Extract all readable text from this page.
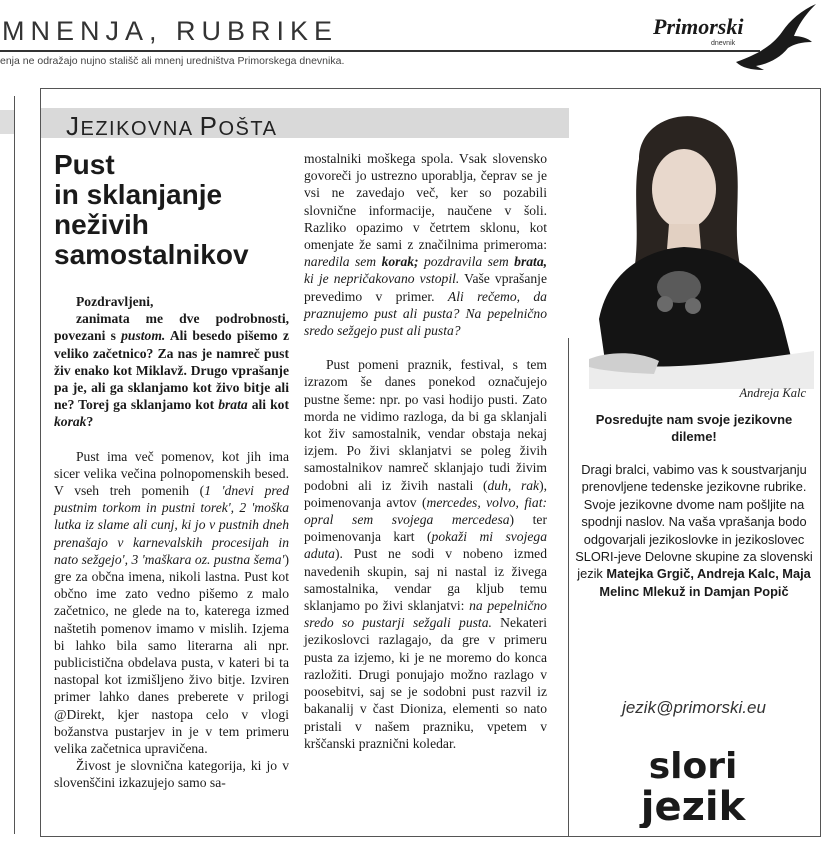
MNENJA, RUBRIKE
enja ne odražajo nujno stališč ali mnenj uredništva Primorskega dnevnika.
Primorski
dnevnik
JEZIKOVNA POŠTA
Pust
in sklanjanje
neživih
samostalnikov

Pozdravljeni,

zanimata me dve podrobnosti, povezani s pustom. Ali besedo pišemo z veliko začetnico? Za nas je namreč pust živ enako kot Miklavž. Drugo vprašanje pa je, ali ga sklanjamo kot živo bitje ali ne? Torej ga sklanjamo kot brata ali kot korak?

Pust ima več pomenov, kot jih ima sicer velika večina polnopomenskih besed. V vseh treh pomenih (1 'dnevi pred pustnim torkom in pustni torek', 2 'moška lutka iz slame ali cunj, ki jo v pustnih dneh prenašajo v karnevalskih procesijah in nato sežgejo', 3 'maškara oz. pustna šema') gre za občna imena, nikoli lastna. Pust kot občno ime zato vedno pišemo z malo začetnico, ne glede na to, katerega izmed naštetih pomenov imamo v mislih. Izjema bi lahko bila samo literarna ali npr. publicistična obdelava pusta, v kateri bi ta nastopal kot izmišljeno živo bitje. Izviren primer lahko danes preberete v prilogi @Direkt, kjer nastopa celo v vlogi božanstva pustarjev in je v tem primeru velika začetnica upravičena.

Živost je slovnična kategorija, ki jo v slovenščini izkazujejo samo sa-

mostalniki moškega spola. Vsak slovensko govoreči jo ustrezno uporablja, čeprav se je vsi ne zavedajo več, ker so pozabili slovnične informacije, naučene v šoli. Razliko opazimo v četrtem sklonu, kot omenjate že sami z značilnima primeroma: naredila sem korak; pozdravila sem brata, ki je nepričakovano vstopil. Vaše vprašanje prevedimo v primer. Ali rečemo, da praznujemo pust ali pusta? Na pepelnično sredo sežgejo pust ali pusta?

Pust pomeni praznik, festival, s tem izrazom še danes ponekod označujejo pustne šeme: npr. po vasi hodijo pusti. Zato morda ne vidimo razloga, da bi ga sklanjali kot živ samostalnik, vendar obstaja nekaj izjem. Po živi sklanjatvi se poleg živih samostalnikov namreč sklanjajo tudi živim podobni ali iz živih nastali (duh, rak), poimenovanja avtov (mercedes, volvo, fiat: opral sem svojega mercedesa) ter poimenovanja kart (pokaži mi svojega aduta). Pust ne sodi v nobeno izmed navedenih skupin, saj ni nastal iz živega samostalnika, vendar ga kljub temu sklanjamo po živi sklanjatvi: na pepelnično sredo so pustarji sežgali pusta. Nekateri jezikoslovci razlagajo, da gre v primeru pusta za izjemo, ki je ne moremo do konca razložiti. Drugi ponujajo možno razlago v poosebitvi, saj se je sodobni pust razvil iz bakanalij v čast Dioniza, elementi so nato pristali v našem prazniku, vpetem v krščanski praznični koledar.

Andreja Kalc
Posredujte nam svoje jezikovne dileme!
Dragi bralci, vabimo vas k soustvarjanju prenovljene tedenske jezikovne rubrike. Svoje jezikovne dvome nam pošljite na spodnji naslov. Na vaša vprašanja bodo odgovarjali jezikoslovke in jezikoslovec SLORI-jeve Delovne skupine za slovenski jezik Matejka Grgič, Andreja Kalc, Maja Melinc Mlekuž in Damjan Popič
jezik@primorski.eu
slori
jezik
